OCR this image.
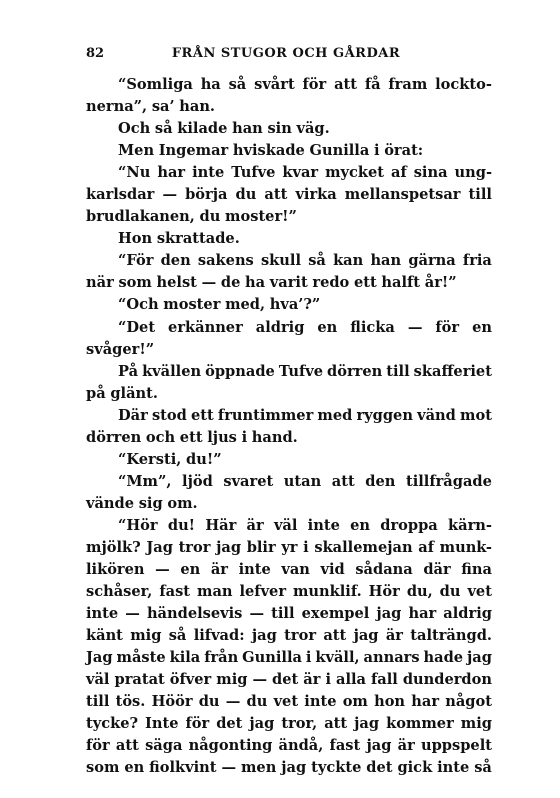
82	FRÅN STUGOR OCH GÅRDAR
“Somliga ha så svårt för att få fram lockto-
nerna”, sa’ han.
Och så kilade han sin väg.
Men Ingemar hviskade Gunilla i örat:
“Nu har inte Tufve kvar mycket af sina ung-
karlsdar — börja du att virka mellanspetsar till
brudlakanen, du moster!”
Hon skrattade.
“För den sakens skull så kan han gärna fria
när som helst — de ha varit redo ett halft år!”
“Och moster med, hva’?”
“Det erkänner aldrig en flicka — för en
svåger!”
På kvällen öppnade Tufve dörren till skafferiet
på glänt.
Där stod ett fruntimmer med ryggen vänd mot
dörren och ett ljus i hand.
“Kersti, du!”
“Mm”, ljöd svaret utan att den tillfrågade
vände sig om.
“Hör du! Här är väl inte en droppa kärn-
mjölk? Jag tror jag blir yr i skallemejan af munk-
likören — en är inte van vid sådana där fina
schåser, fast man lefver munklif. Hör du, du vet
inte — händelsevis — till exempel jag har aldrig
känt mig så lifvad: jag tror att jag är talträngd.
Jag måste kila från Gunilla i kväll, annars hade jag
väl pratat öfver mig — det är i alla fall dunderdon
till tös. Höör du — du vet inte om hon har något
tycke? Inte för det jag tror, att jag kommer mig
för att säga någonting ändå, fast jag är uppspelt
som en fiolkvint — men jag tyckte det gick inte så
